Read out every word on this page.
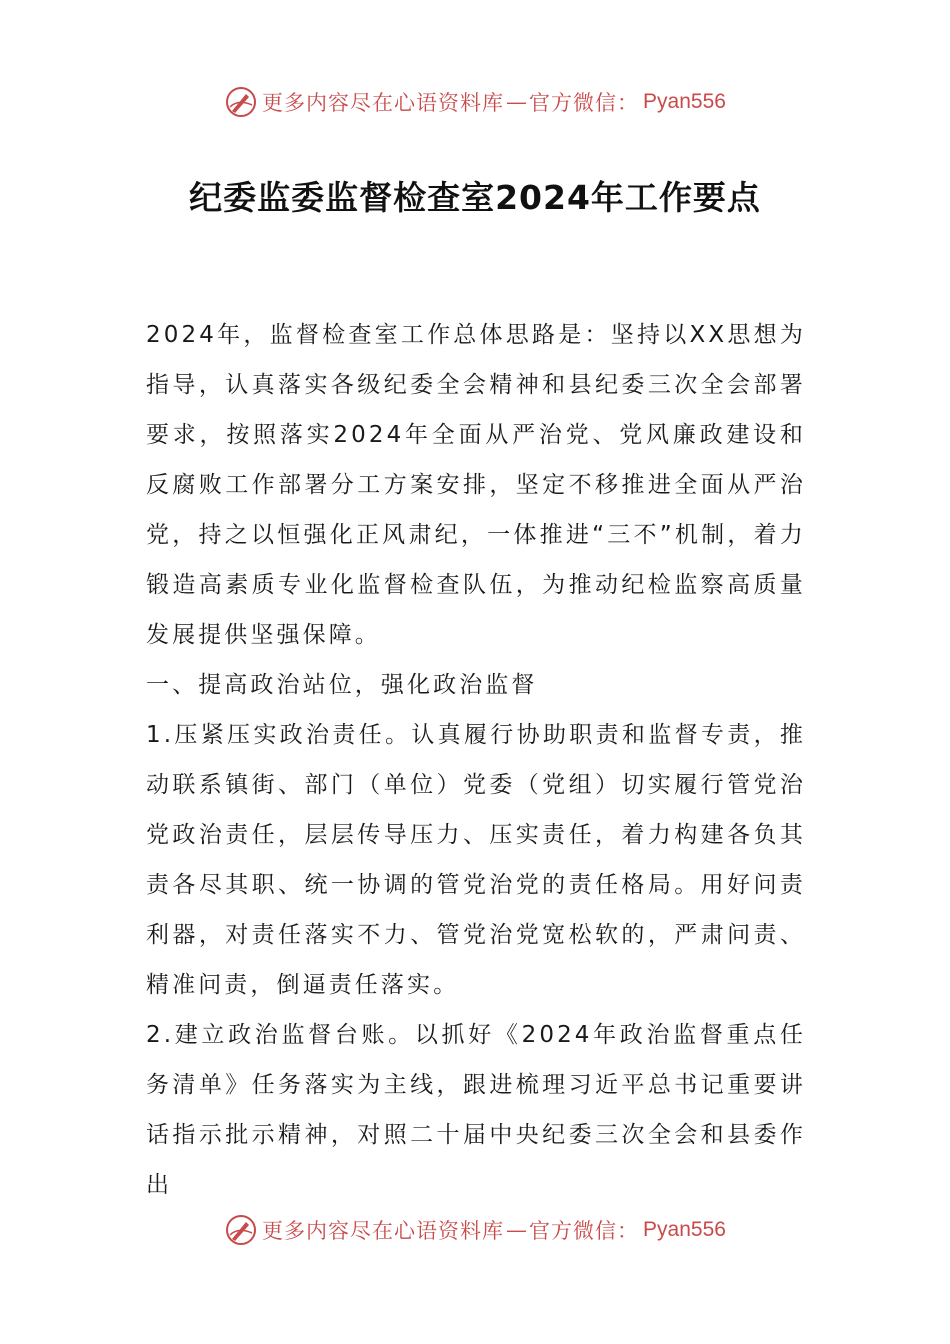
更多内容尽在心语资料库 — 官方微信： Pyan556
纪委监委监督检查室2024年工作要点

2024年，监督检查室工作总体思路是：坚持以XX思想为指导，认真落实各级纪委全会精神和县纪委三次全会部署要求，按照落实2024年全面从严治党、党风廉政建设和反腐败工作部署分工方案安排，坚定不移推进全面从严治党，持之以恒强化正风肃纪，一体推进“三不”机制，着力锻造高素质专业化监督检查队伍，为推动纪检监察高质量发展提供坚强保障。

一、提高政治站位，强化政治监督

1.压紧压实政治责任。认真履行协助职责和监督专责，推动联系镇街、部门（单位）党委（党组）切实履行管党治党政治责任，层层传导压力、压实责任，着力构建各负其责各尽其职、统一协调的管党治党的责任格局。用好问责利器，对责任落实不力、管党治党宽松软的，严肃问责、精准问责，倒逼责任落实。

2.建立政治监督台账。以抓好《2024年政治监督重点任务清单》任务落实为主线，跟进梳理习近平总书记重要讲话指示批示精神，对照二十届中央纪委三次全会和县委作出

更多内容尽在心语资料库 — 官方微信： Pyan556
